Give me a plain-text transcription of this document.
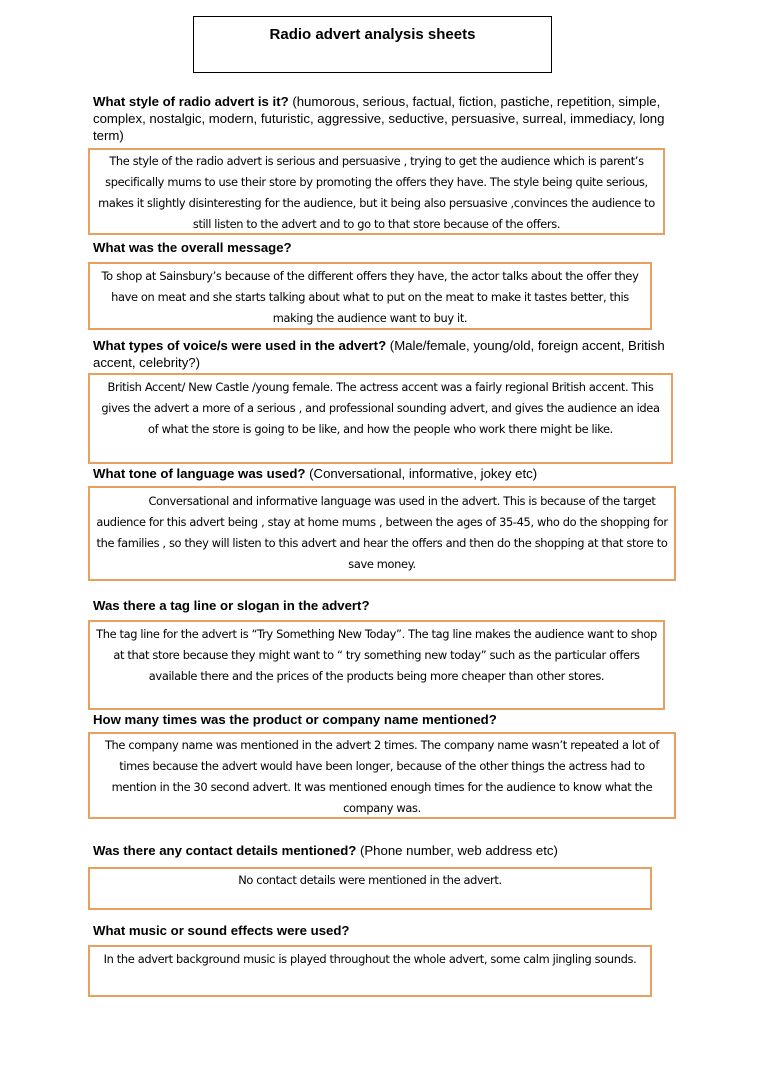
Radio advert analysis sheets
What style of radio advert is it? (humorous, serious, factual, fiction, pastiche, repetition, simple, complex, nostalgic, modern, futuristic, aggressive, seductive, persuasive, surreal, immediacy, long term)
The style of the radio advert is serious and persuasive , trying to get the audience which is parent’s specifically mums to use their store by promoting the offers they have. The style being quite serious, makes it slightly disinteresting for the audience, but it being also persuasive ,convinces the audience to still listen to the advert and to go to that store because of the offers.
What was the overall message?
To shop at Sainsbury’s because of the different offers they have, the actor talks about the offer they have on meat and she starts talking about what to put on the meat to make it tastes better, this making the audience want to buy it.
What types of voice/s were used in the advert? (Male/female, young/old, foreign accent, British accent, celebrity?)
British Accent/ New Castle /young female. The actress accent was a fairly regional British accent. This gives the advert a more of a serious , and professional sounding advert, and gives the audience an idea of what the store is going to be like, and how the people who work there might be like.
What tone of language was used? (Conversational, informative, jokey etc)
Conversational and informative language was used in the advert. This is because of the target audience for this advert being , stay at home mums , between the ages of 35-45, who do the shopping for the families , so they will listen to this advert and hear the offers and then do the shopping at that store to save money.
Was there a tag line or slogan in the advert?
The tag line for the advert is “Try Something New Today”. The tag line makes the audience want to shop at that store because they might want to “ try something new today” such as the particular offers available there and the prices of the products being more cheaper than other stores.
How many times was the product or company name mentioned?
The company name was mentioned in the advert 2 times. The company name wasn’t repeated a lot of times because the advert would have been longer, because of the other things the actress had to mention in the 30 second advert. It was mentioned enough times for the audience to know what the company was.
Was there any contact details mentioned? (Phone number, web address etc)
No contact details were mentioned in the advert.
What music or sound effects were used?
In the advert background music is played throughout the whole advert, some calm jingling sounds.
